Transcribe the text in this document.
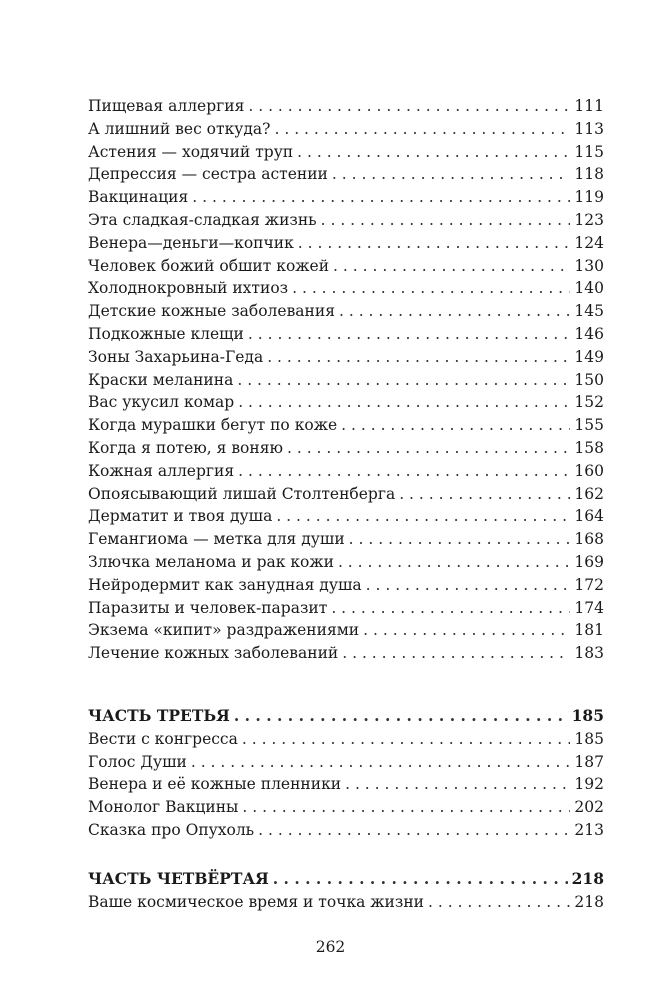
Пищевая аллергия . . .	111
А лишний вес откуда? . . .	113
Астения — ходячий труп . . .	115
Депрессия — сестра астении . . .	118
Вакцинация . . .	119
Эта сладкая-сладкая жизнь . . .	123
Венера—деньги—копчик . . .	124
Человек божий обшит кожей . . .	130
Холоднокровный ихтиоз . . .	140
Детские кожные заболевания . . .	145
Подкожные клещи . . .	146
Зоны Захарьина-Геда . . .	149
Краски меланина . . .	150
Вас укусил комар . . .	152
Когда мурашки бегут по коже . . .	155
Когда я потею, я воняю . . .	158
Кожная аллергия . . .	160
Опоясывающий лишай Столтенберга . . .	162
Дерматит и твоя душа . . .	164
Гемангиома — метка для души . . .	168
Злючка меланома и рак кожи . . .	169
Нейродермит как занудная душа . . .	172
Паразиты и человек-паразит . . .	174
Экзема «кипит» раздражениями . . .	181
Лечение кожных заболеваний . . .	183
ЧАСТЬ ТРЕТЬЯ . . .	185
Вести с конгресса . . .	185
Голос Души . . .	187
Венера и её кожные пленники . . .	192
Монолог Вакцины . . .	202
Сказка про Опухоль . . .	213
ЧАСТЬ ЧЕТВЁРТАЯ . . .	218
Ваше космическое время и точка жизни . . .	218
262
